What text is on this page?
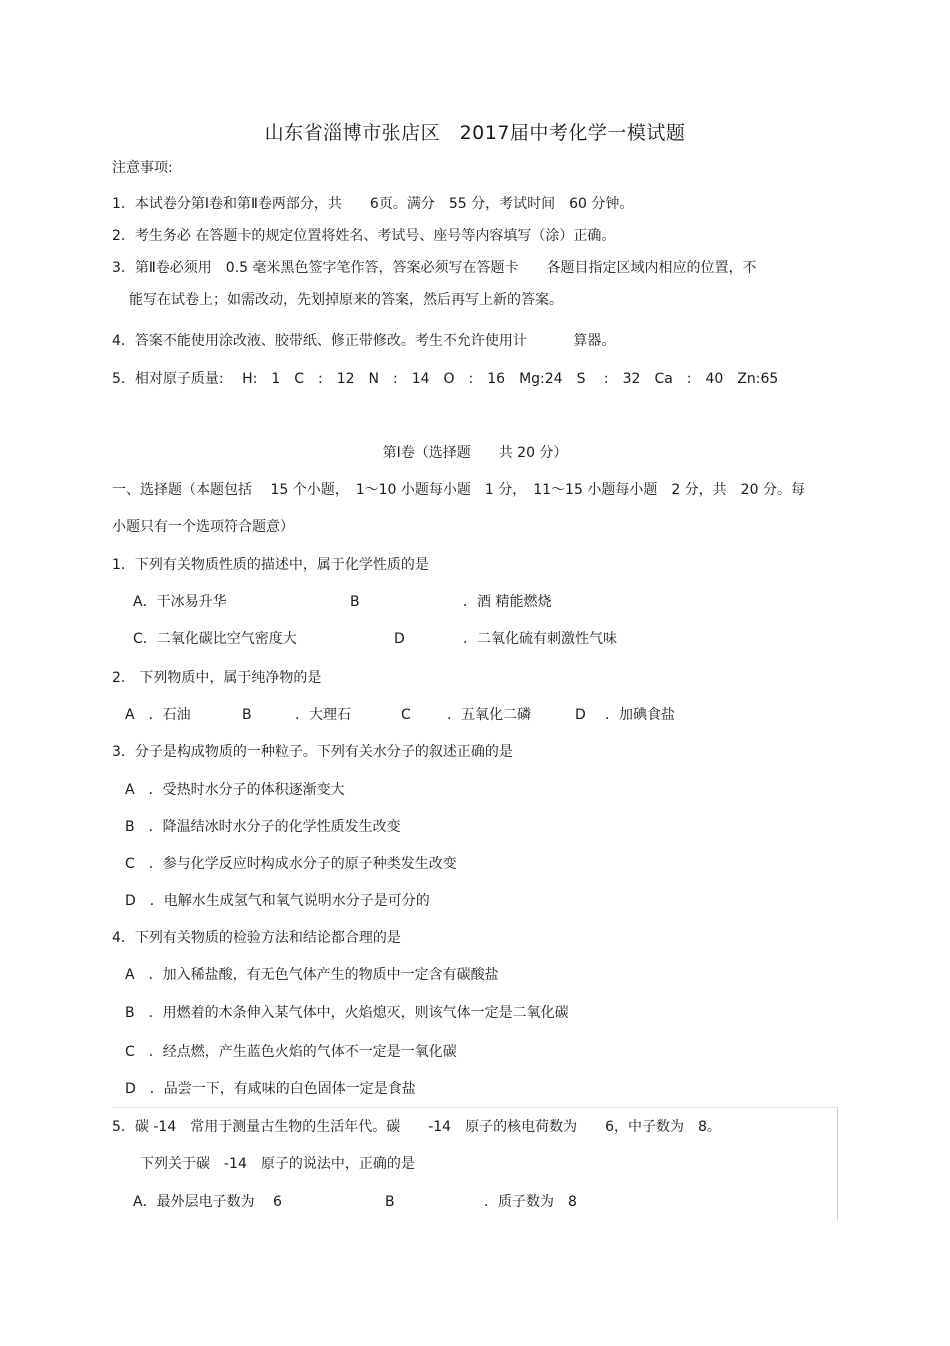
山东省淄博市张店区　2017届中考化学一模试题
注意事项:
1．本试卷分第Ⅰ卷和第Ⅱ卷两部分，共　　6页。满分　55 分，考试时间　60 分钟。
2．考生务必 在答题卡的规定位置将姓名、考试号、座号等内容填写（涂）正确。
3．第Ⅱ卷必须用　0.5 毫米黑色签字笔作答，答案必须写在答题卡　　各题目指定区域内相应的位置，不
能写在试卷上；如需改动，先划掉原来的答案，然后再写上新的答案。
4．答案不能使用涂改液、胶带纸、修正带修改。考生不允许使用计　　　 算器。
5．相对原子质量:　 H:　1　C　:　12　N　:　14　O　:　16　Mg:24　S　 :　32　Ca　:　40　Zn:65
第Ⅰ卷（选择题　　共 20 分）
一、选择题（本题包括　 15 个小题，　1～10 小题每小题　1 分，　11～15 小题每小题　2 分，共　20 分。每
小题只有一个选项符合题意）
1．下列有关物质性质的描述中，属于化学性质的是
A．干冰易升华	B	．酒 精能燃烧
C．二氧化碳比空气密度大	D	．二氧化硫有刺激性气味
2.　下列物质中，属于纯净物的是
A　．石油	B	．大理石	C	．五氧化二磷	D ．加碘食盐
3．分子是构成物质的一种粒子。下列有关水分子的叙述正确的是
A　．受热时水分子的体积逐渐变大
B　．降温结冰时水分子的化学性质发生改变
C　．参与化学反应时构成水分子的原子种类发生改变
D　．电解水生成氢气和氧气说明水分子是可分的
4．下列有关物质的检验方法和结论都合理的是
A　．加入稀盐酸，有无色气体产生的物质中一定含有碳酸盐
B　．用燃着的木条伸入某气体中，火焰熄灭，则该气体一定是二氧化碳
C　．经点燃，产生蓝色火焰的气体不一定是一氧化碳
D　．品尝一下，有咸味的白色固体一定是食盐
5．碳 -14　常用于测量古生物的生活年代。碳　　-14　原子的核电荷数为　　6，中子数为　8。
下列关于碳　-14　原子的说法中，正确的是
A．最外层电子数为　 6	B	．质子数为　8
